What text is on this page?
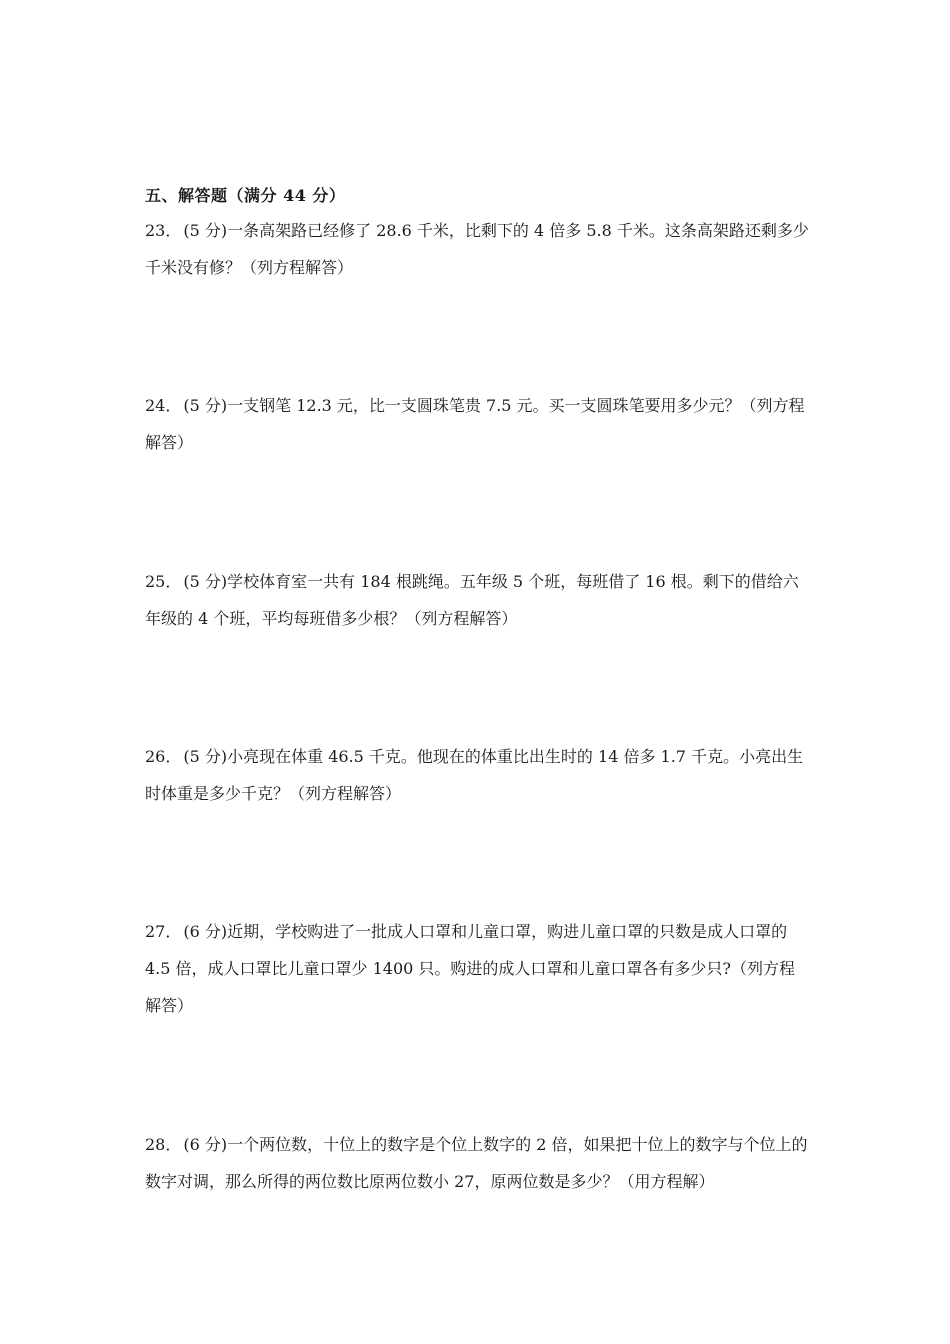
五、解答题（满分 44 分）

23． (5 分)一条高架路已经修了 28.6 千米，比剩下的 4 倍多 5.8 千米。这条高架路还剩多少千米没有修？（列方程解答）

24． (5 分)一支钢笔 12.3 元，比一支圆珠笔贵 7.5 元。买一支圆珠笔要用多少元？（列方程解答）

25． (5 分)学校体育室一共有 184 根跳绳。五年级 5 个班，每班借了 16 根。剩下的借给六年级的 4 个班，平均每班借多少根？（列方程解答）

26． (5 分)小亮现在体重 46.5 千克。他现在的体重比出生时的 14 倍多 1.7 千克。小亮出生时体重是多少千克？（列方程解答）

27． (6 分)近期，学校购进了一批成人口罩和儿童口罩，购进儿童口罩的只数是成人口罩的 4.5 倍，成人口罩比儿童口罩少 1400 只。购进的成人口罩和儿童口罩各有多少只?（列方程解答）

28． (6 分)一个两位数，十位上的数字是个位上数字的 2 倍，如果把十位上的数字与个位上的数字对调，那么所得的两位数比原两位数小 27，原两位数是多少？（用方程解）
